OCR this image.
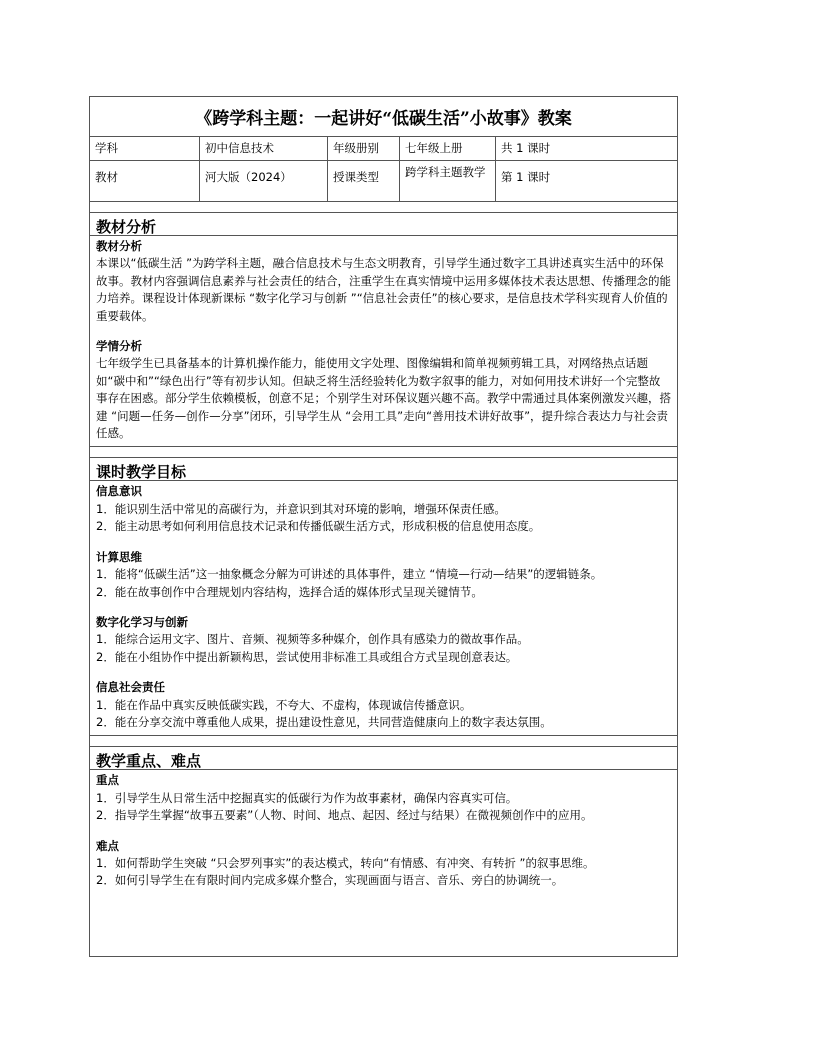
《跨学科主题：一起讲好“低碳生活”小故事》教案
学科	初中信息技术	年级册别	七年级上册	共 1 课时
教材	河大版（2024）	授课类型	跨学科主题教学	第 1 课时
教材分析

教材分析

本课以“低碳生活 ”为跨学科主题，融合信息技术与生态文明教育，引导学生通过数字工具讲述真实生活中的环保故事。教材内容强调信息素养与社会责任的结合，注重学生在真实情境中运用多媒体技术表达思想、传播理念的能力培养。课程设计体现新课标 “数字化学习与创新 ”“信息社会责任”的核心要求，是信息技术学科实现育人价值的重要载体。

学情分析

七年级学生已具备基本的计算机操作能力，能使用文字处理、图像编辑和简单视频剪辑工具，对网络热点话题如“碳中和”“绿色出行”等有初步认知。但缺乏将生活经验转化为数字叙事的能力，对如何用技术讲好一个完整故事存在困惑。部分学生依赖模板，创意不足；个别学生对环保议题兴趣不高。教学中需通过具体案例激发兴趣，搭建 “问题—任务—创作—分享”闭环，引导学生从 “会用工具”走向“善用技术讲好故事”，提升综合表达力与社会责任感。

课时教学目标

信息意识

1．能识别生活中常见的高碳行为，并意识到其对环境的影响，增强环保责任感。

2．能主动思考如何利用信息技术记录和传播低碳生活方式，形成积极的信息使用态度。

计算思维

1．能将“低碳生活”这一抽象概念分解为可讲述的具体事件，建立 “情境—行动—结果”的逻辑链条。

2．能在故事创作中合理规划内容结构，选择合适的媒体形式呈现关键情节。

数字化学习与创新

1．能综合运用文字、图片、音频、视频等多种媒介，创作具有感染力的微故事作品。

2．能在小组协作中提出新颖构思，尝试使用非标准工具或组合方式呈现创意表达。

信息社会责任

1．能在作品中真实反映低碳实践，不夸大、不虚构，体现诚信传播意识。

2．能在分享交流中尊重他人成果，提出建设性意见，共同营造健康向上的数字表达氛围。

教学重点、难点

重点

1．引导学生从日常生活中挖掘真实的低碳行为作为故事素材，确保内容真实可信。

2．指导学生掌握“故事五要素”（人物、时间、地点、起因、经过与结果）在微视频创作中的应用。

难点

1．如何帮助学生突破 “只会罗列事实”的表达模式，转向“有情感、有冲突、有转折 ”的叙事思维。

2．如何引导学生在有限时间内完成多媒介整合，实现画面与语言、音乐、旁白的协调统一。
